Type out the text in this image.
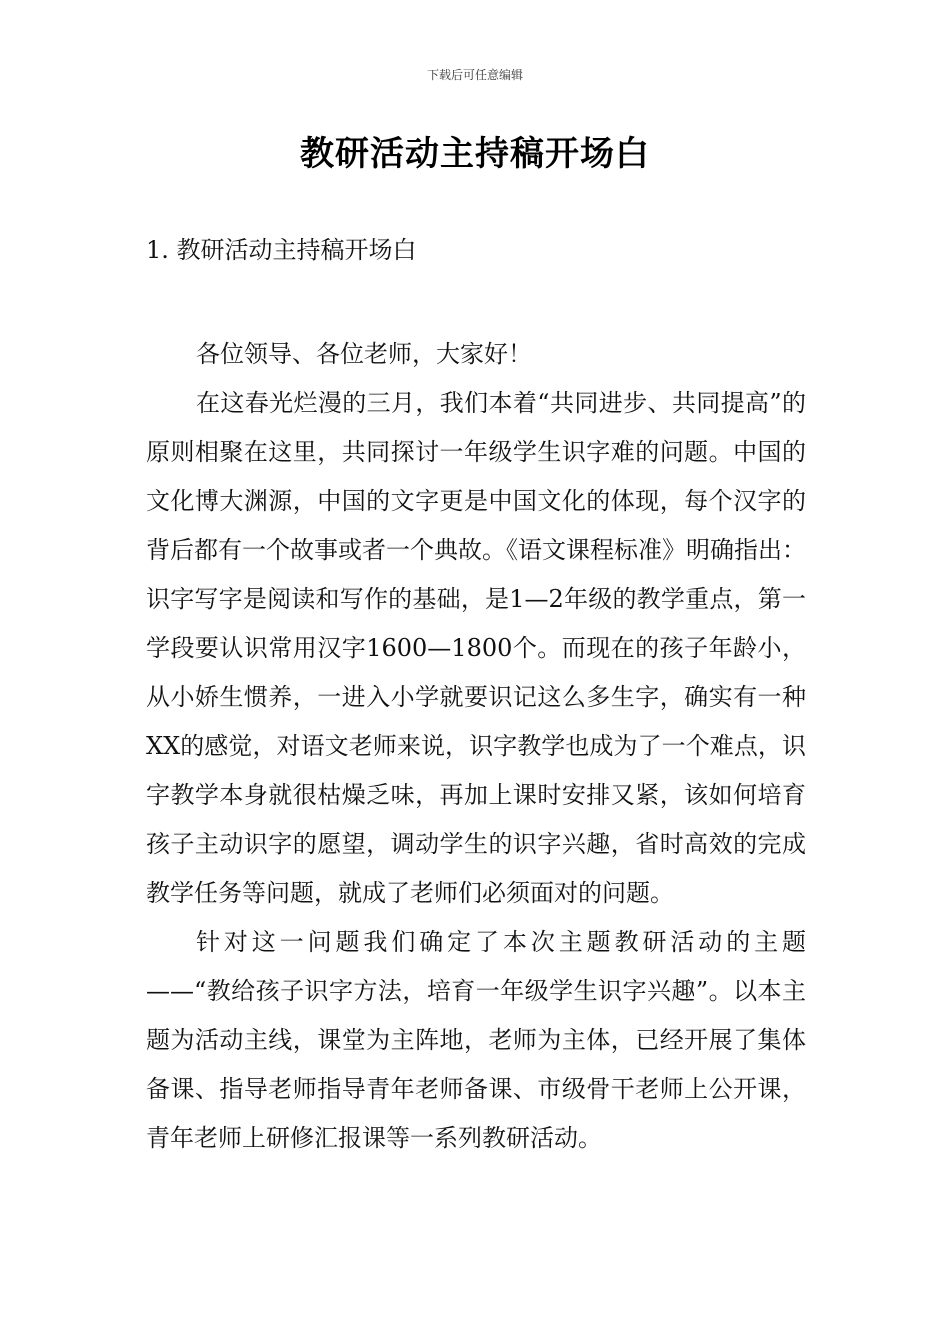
下载后可任意编辑
教研活动主持稿开场白
1. 教研活动主持稿开场白

各位领导、各位老师，大家好！

在这春光烂漫的三月，我们本着“共同进步、共同提高”的原则相聚在这里，共同探讨一年级学生识字难的问题。中国的文化博大渊源，中国的文字更是中国文化的体现，每个汉字的背后都有一个故事或者一个典故。《语文课程标准》明确指出：识字写字是阅读和写作的基础，是1—2年级的教学重点，第一学段要认识常用汉字1600—1800个。而现在的孩子年龄小，从小娇生惯养，一进入小学就要识记这么多生字，确实有一种XX的感觉，对语文老师来说，识字教学也成为了一个难点，识字教学本身就很枯燥乏味，再加上课时安排又紧，该如何培育孩子主动识字的愿望，调动学生的识字兴趣，省时高效的完成教学任务等问题，就成了老师们必须面对的问题。

针对这一问题我们确定了本次主题教研活动的主题——“教给孩子识字方法，培育一年级学生识字兴趣”。以本主题为活动主线，课堂为主阵地，老师为主体，已经开展了集体备课、指导老师指导青年老师备课、市级骨干老师上公开课，青年老师上研修汇报课等一系列教研活动。
